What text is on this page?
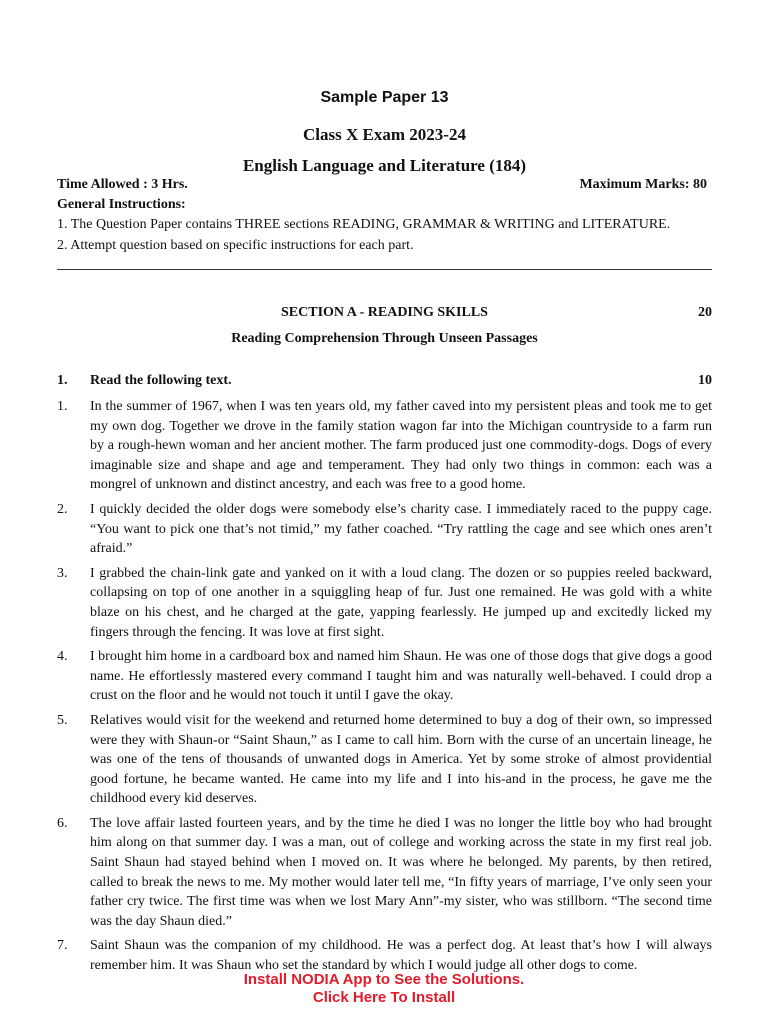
Sample Paper 13
Class X Exam 2023-24
English Language and Literature (184)
Time Allowed : 3 Hrs.	Maximum Marks: 80
General Instructions:
1. The Question Paper contains THREE sections READING, GRAMMAR & WRITING and LITERATURE.
2. Attempt question based on specific instructions for each part.
SECTION A - READING SKILLS	20
Reading Comprehension Through Unseen Passages
1. Read the following text.	10
1. In the summer of 1967, when I was ten years old, my father caved into my persistent pleas and took me to get my own dog. Together we drove in the family station wagon far into the Michigan countryside to a farm run by a rough-hewn woman and her ancient mother. The farm produced just one commodity-dogs. Dogs of every imaginable size and shape and age and temperament. They had only two things in common: each was a mongrel of unknown and distinct ancestry, and each was free to a good home.
2. I quickly decided the older dogs were somebody else’s charity case. I immediately raced to the puppy cage. “You want to pick one that’s not timid,” my father coached. “Try rattling the cage and see which ones aren’t afraid.”
3. I grabbed the chain-link gate and yanked on it with a loud clang. The dozen or so puppies reeled backward, collapsing on top of one another in a squiggling heap of fur. Just one remained. He was gold with a white blaze on his chest, and he charged at the gate, yapping fearlessly. He jumped up and excitedly licked my fingers through the fencing. It was love at first sight.
4. I brought him home in a cardboard box and named him Shaun. He was one of those dogs that give dogs a good name. He effortlessly mastered every command I taught him and was naturally well-behaved. I could drop a crust on the floor and he would not touch it until I gave the okay.
5. Relatives would visit for the weekend and returned home determined to buy a dog of their own, so impressed were they with Shaun-or “Saint Shaun,” as I came to call him. Born with the curse of an uncertain lineage, he was one of the tens of thousands of unwanted dogs in America. Yet by some stroke of almost providential good fortune, he became wanted. He came into my life and I into his-and in the process, he gave me the childhood every kid deserves.
6. The love affair lasted fourteen years, and by the time he died I was no longer the little boy who had brought him along on that summer day. I was a man, out of college and working across the state in my first real job. Saint Shaun had stayed behind when I moved on. It was where he belonged. My parents, by then retired, called to break the news to me. My mother would later tell me, “In fifty years of marriage, I’ve only seen your father cry twice. The first time was when we lost Mary Ann”-my sister, who was stillborn. “The second time was the day Shaun died.”
7. Saint Shaun was the companion of my childhood. He was a perfect dog. At least that’s how I will always remember him. It was Shaun who set the standard by which I would judge all other dogs to come.
Install NODIA App to See the Solutions.
Click Here To Install
